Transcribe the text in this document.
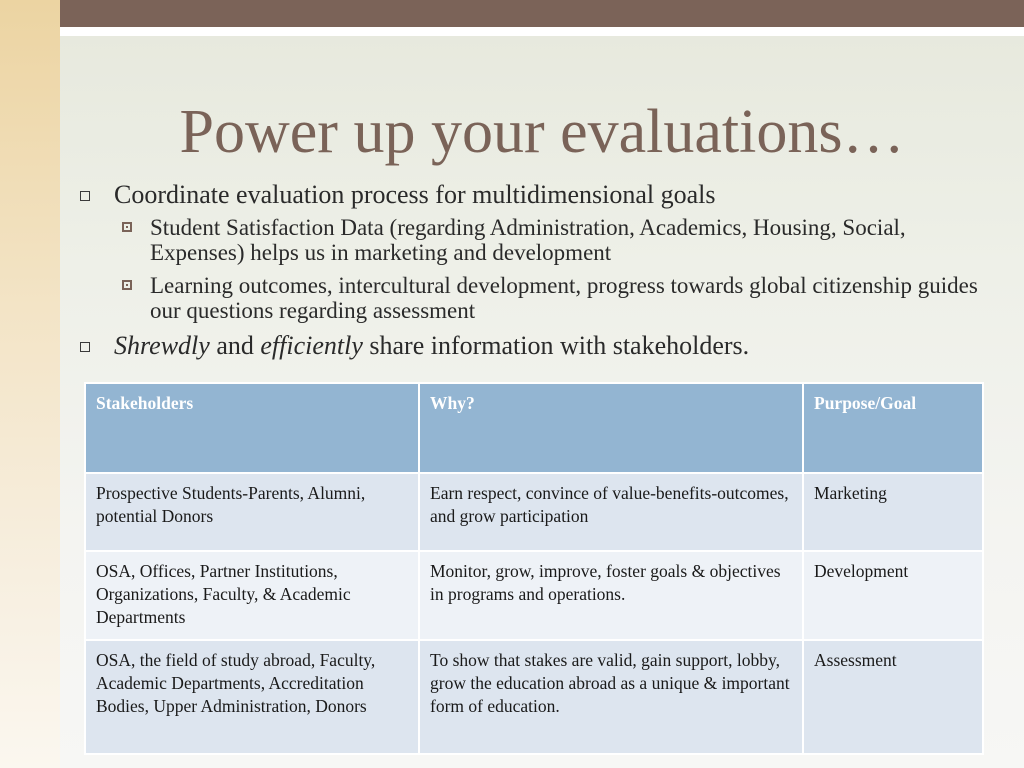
Power up your evaluations…
Coordinate evaluation process for multidimensional goals
Student Satisfaction Data (regarding Administration, Academics, Housing, Social, Expenses) helps us in marketing and development
Learning outcomes, intercultural development, progress towards global citizenship guides our questions regarding assessment
Shrewdly and efficiently share information with stakeholders.
Stakeholders	Why?	Purpose/Goal
Prospective Students-Parents, Alumni, potential Donors	Earn respect, convince of value-benefits-outcomes, and grow participation	Marketing
OSA, Offices, Partner Institutions, Organizations, Faculty, & Academic Departments	Monitor, grow, improve, foster goals & objectives in programs and operations.	Development
OSA, the field of study abroad, Faculty, Academic Departments, Accreditation Bodies, Upper Administration, Donors	To show that stakes are valid, gain support, lobby, grow the education abroad as a unique & important form of education.	Assessment
